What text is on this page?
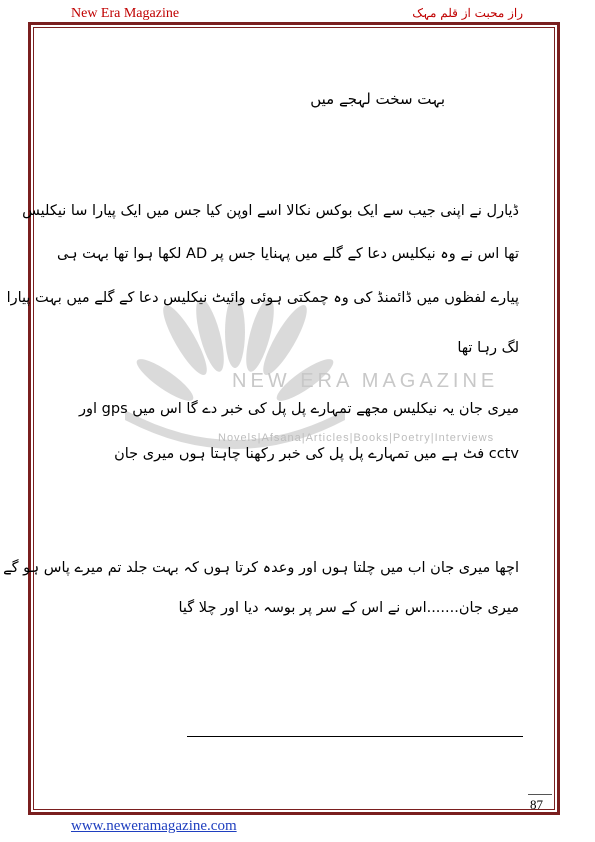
New Era Magazine	راز محبت از قلم مہک
NEW ERA MAGAZINE
Novels|Afsana|Articles|Books|Poetry|Interviews
بہت سخت لہجے میں
ڈیارل نے اپنی جیب سے ایک بوکس نکالا اسے اوپن کیا جس میں ایک پیارا سا نیکلیس
تھا اس نے وہ نیکلیس دعا کے گلے میں پہنایا جس پر AD لکھا ہوا تھا بہت ہی
پیارے لفظوں میں ڈائمنڈ کی وہ چمکتی ہوئی وائیٹ نیکلیس دعا کے گلے میں بہت پیارا
لگ رہا تھا
میری جان یہ نیکلیس مجھے تمہارے پل پل کی خبر دے گا اس میں gps اور
cctv فٹ ہے میں تمہارے پل پل کی خبر رکھنا چاہتا ہوں میری جان
اچھا میری جان اب میں چلتا ہوں اور وعدہ کرتا ہوں کہ بہت جلد تم میرے پاس ہو گے
میری جان.......اس نے اس کے سر پر بوسہ دیا اور چلا گیا
87
www.neweramagazine.com
